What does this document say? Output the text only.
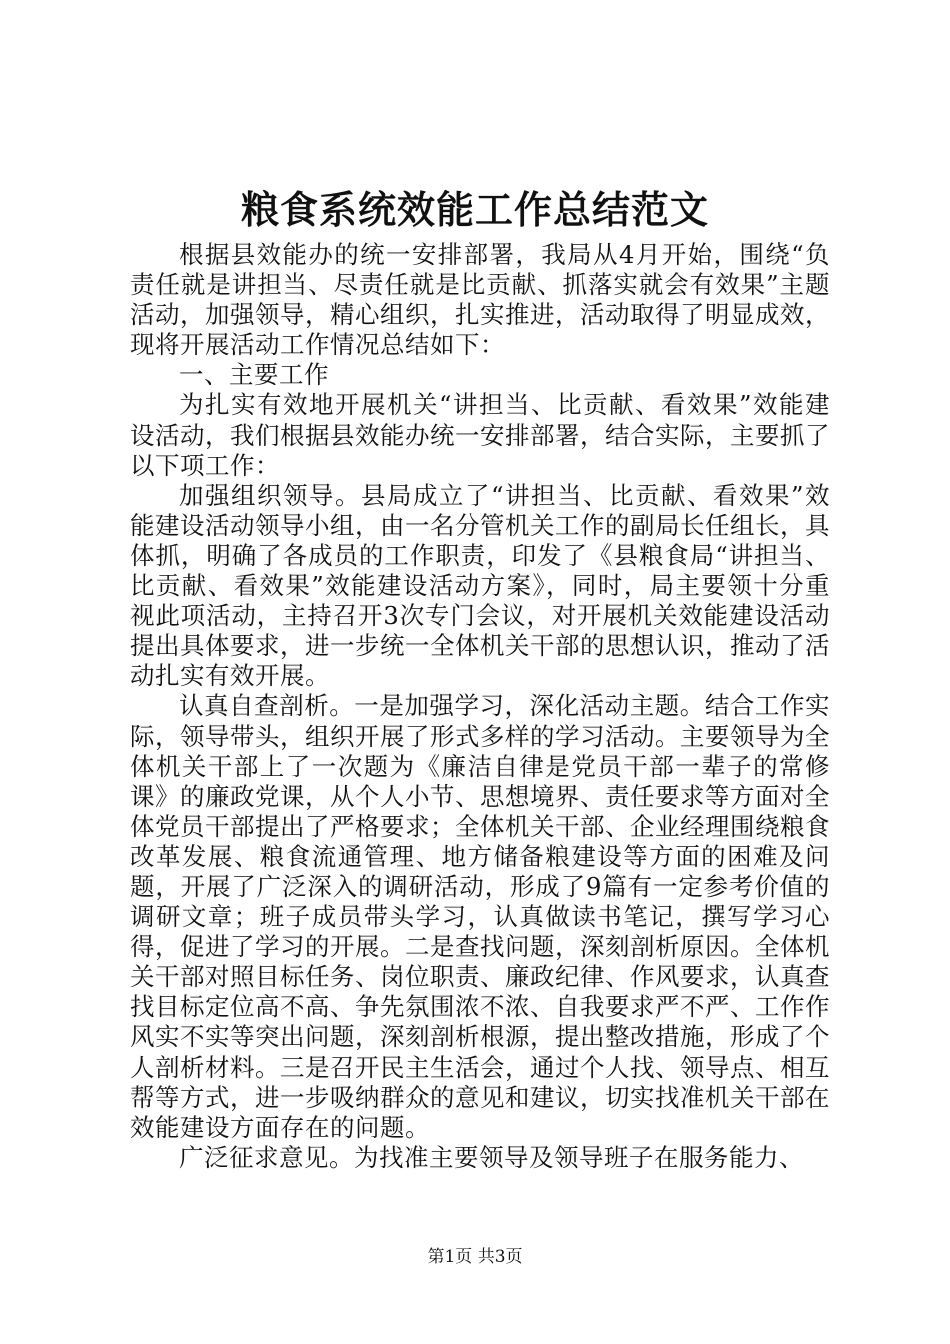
粮食系统效能工作总结范文

根据县效能办的统一安排部署，我局从4月开始，围绕“负责任就是讲担当、尽责任就是比贡献、抓落实就会有效果”主题活动，加强领导，精心组织，扎实推进，活动取得了明显成效，现将开展活动工作情况总结如下：

一、主要工作

为扎实有效地开展机关“讲担当、比贡献、看效果”效能建设活动，我们根据县效能办统一安排部署，结合实际，主要抓了以下项工作：

加强组织领导。县局成立了“讲担当、比贡献、看效果”效能建设活动领导小组，由一名分管机关工作的副局长任组长，具体抓，明确了各成员的工作职责，印发了《县粮食局“讲担当、比贡献、看效果”效能建设活动方案》，同时，局主要领十分重视此项活动，主持召开3次专门会议，对开展机关效能建设活动提出具体要求，进一步统一全体机关干部的思想认识，推动了活动扎实有效开展。

认真自查剖析。一是加强学习，深化活动主题。结合工作实际，领导带头，组织开展了形式多样的学习活动。主要领导为全体机关干部上了一次题为《廉洁自律是党员干部一辈子的常修课》的廉政党课，从个人小节、思想境界、责任要求等方面对全体党员干部提出了严格要求；全体机关干部、企业经理围绕粮食改革发展、粮食流通管理、地方储备粮建设等方面的困难及问题，开展了广泛深入的调研活动，形成了9篇有一定参考价值的调研文章；班子成员带头学习，认真做读书笔记，撰写学习心得，促进了学习的开展。二是查找问题，深刻剖析原因。全体机关干部对照目标任务、岗位职责、廉政纪律、作风要求，认真查找目标定位高不高、争先氛围浓不浓、自我要求严不严、工作作风实不实等突出问题，深刻剖析根源，提出整改措施，形成了个人剖析材料。三是召开民主生活会，通过个人找、领导点、相互帮等方式，进一步吸纳群众的意见和建议，切实找准机关干部在效能建设方面存在的问题。

广泛征求意见。为找准主要领导及领导班子在服务能力、

第1页 共3页
